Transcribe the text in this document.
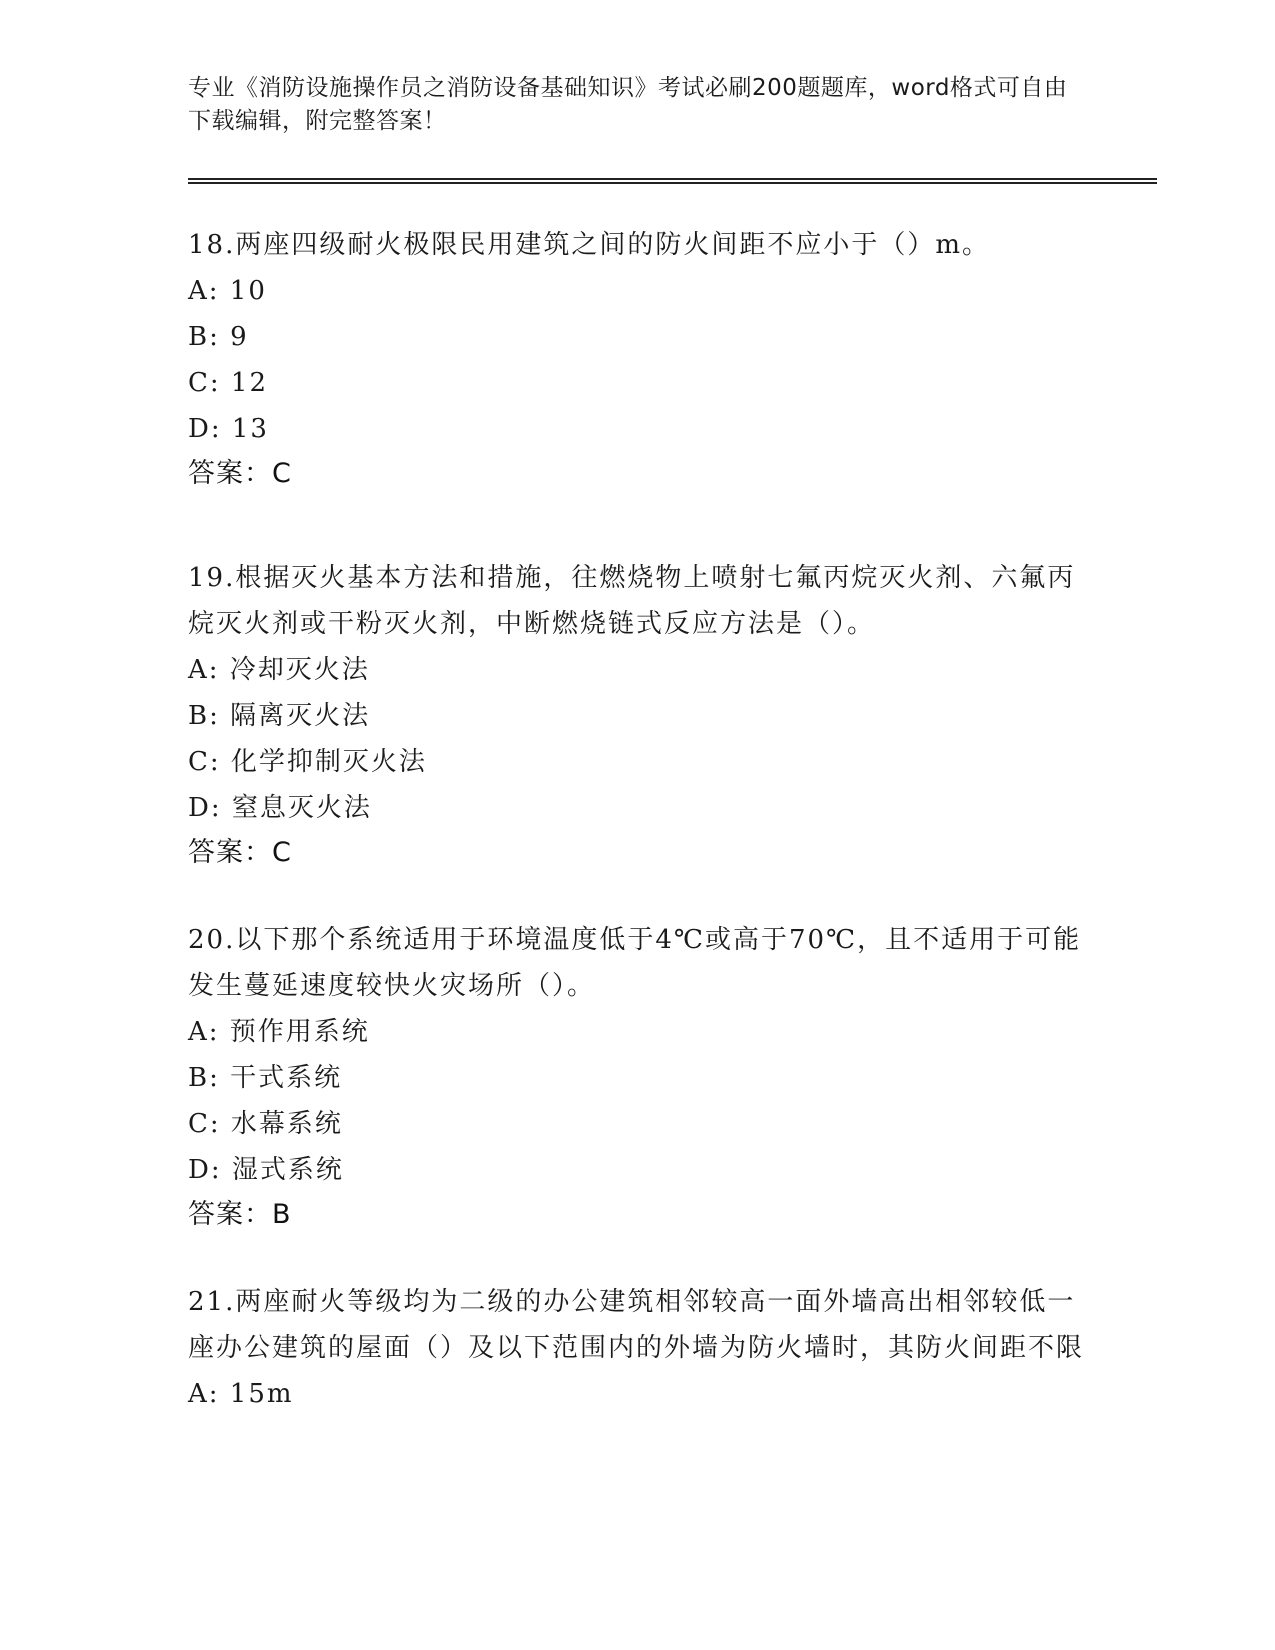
专业《消防设施操作员之消防设备基础知识》考试必刷200题题库，word格式可自由下载编辑，附完整答案！

18.两座四级耐火极限民用建筑之间的防火间距不应小于（）m。

A: 10

B: 9

C: 12

D: 13

答案：C

19.根据灭火基本方法和措施，往燃烧物上喷射七氟丙烷灭火剂、六氟丙烷灭火剂或干粉灭火剂，中断燃烧链式反应方法是（）。

A: 冷却灭火法

B: 隔离灭火法

C: 化学抑制灭火法

D: 窒息灭火法

答案：C

20.以下那个系统适用于环境温度低于4℃或高于70℃，且不适用于可能发生蔓延速度较快火灾场所（）。

A: 预作用系统

B: 干式系统

C: 水幕系统

D: 湿式系统

答案：B

21.两座耐火等级均为二级的办公建筑相邻较高一面外墙高出相邻较低一座办公建筑的屋面（）及以下范围内的外墙为防火墙时，其防火间距不限

A: 15m
